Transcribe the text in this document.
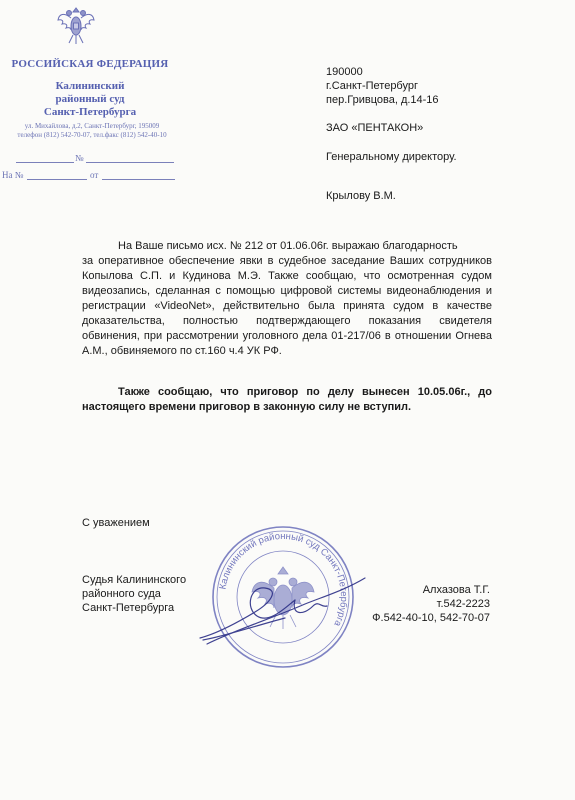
РОССИЙСКАЯ ФЕДЕРАЦИЯ
Калининский
районный суд
Санкт-Петербурга
ул. Михайлова, д.2, Санкт-Петербург, 195009
телефон (812) 542-70-07, тел.факс (812) 542-40-10
№
На №	от
190000
г.Санкт-Петербург
пер.Гривцова, д.14-16
ЗАО «ПЕНТАКОН»
Генеральному директору.
Крылову В.М.
На Ваше письмо исх. № 212 от 01.06.06г. выражаю благодарность
за оперативное обеспечение явки в судебное заседание Ваших сотрудников Копылова С.П. и Кудинова М.Э. Также сообщаю, что осмотренная судом видеозапись, сделанная с помощью цифровой системы видеонаблюдения и регистрации «VideoNet», действительно была принята судом в качестве доказательства, полностью подтверждающего показания свидетеля обвинения, при рассмотрении уголовного дела 01-217/06 в отношении Огнева А.М., обвиняемого по ст.160 ч.4 УК РФ.
Также сообщаю, что приговор по делу вынесен 10.05.06г., до настоящего времени приговор в законную силу не вступил.
С уважением
Судья Калининского
районного суда
Санкт-Петербурга
Алхазова Т.Г.
т.542-2223
Ф.542-40-10, 542-70-07
Калининский районный суд Санкт-Петербурга
